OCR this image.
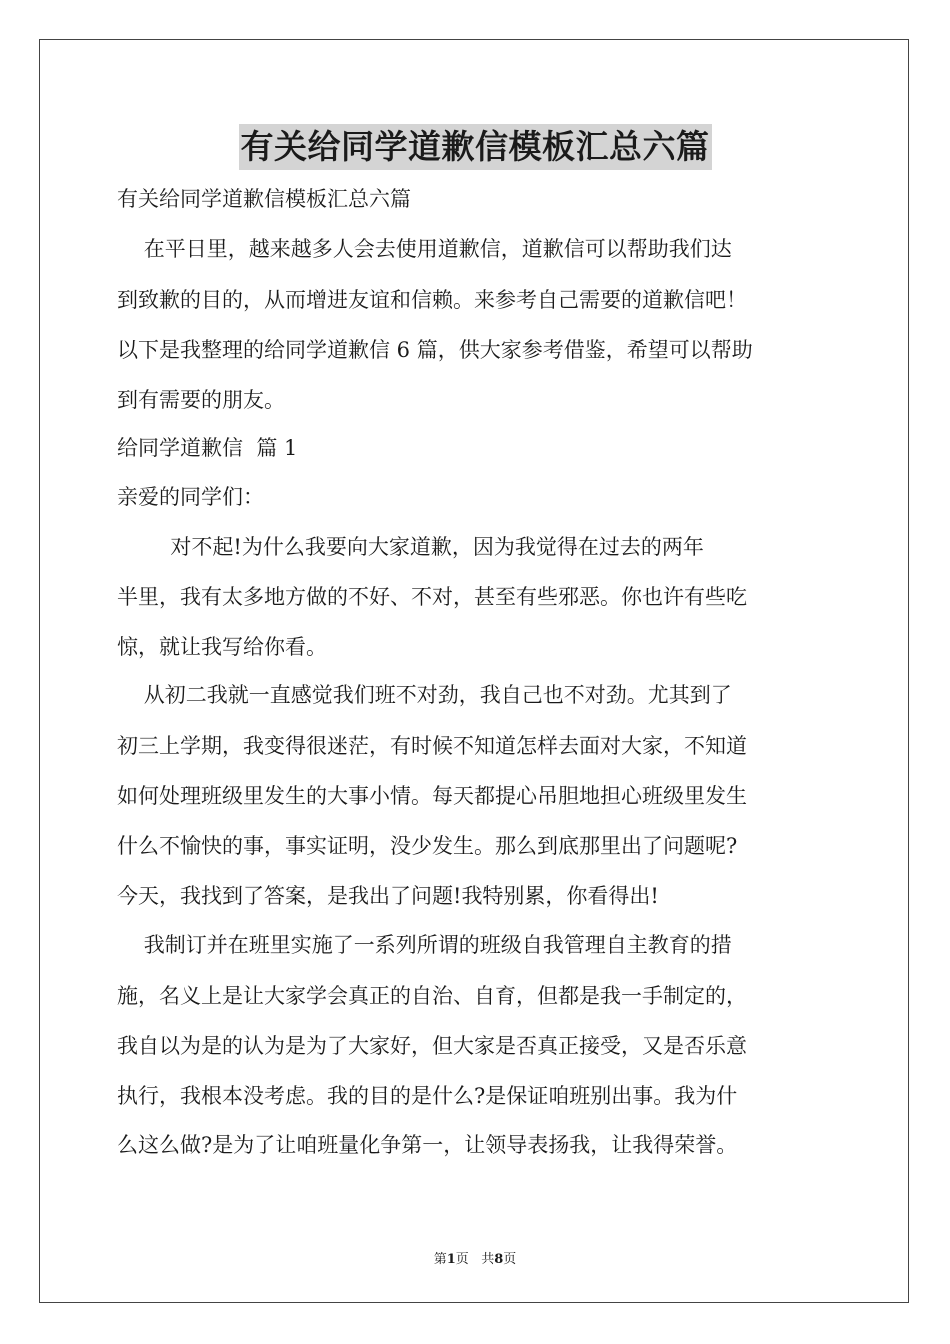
有关给同学道歉信模板汇总六篇
有关给同学道歉信模板汇总六篇
在平日里，越来越多人会去使用道歉信，道歉信可以帮助我们达
到致歉的目的，从而增进友谊和信赖。来参考自己需要的道歉信吧！
以下是我整理的给同学道歉信 6 篇，供大家参考借鉴，希望可以帮助
到有需要的朋友。
给同学道歉信  篇 1
亲爱的同学们：
对不起!为什么我要向大家道歉，因为我觉得在过去的两年
半里，我有太多地方做的不好、不对，甚至有些邪恶。你也许有些吃
惊，就让我写给你看。
从初二我就一直感觉我们班不对劲，我自己也不对劲。尤其到了
初三上学期，我变得很迷茫，有时候不知道怎样去面对大家，不知道
如何处理班级里发生的大事小情。每天都提心吊胆地担心班级里发生
什么不愉快的事，事实证明，没少发生。那么到底那里出了问题呢?
今天，我找到了答案，是我出了问题!我特别累，你看得出!
我制订并在班里实施了一系列所谓的班级自我管理自主教育的措
施，名义上是让大家学会真正的自治、自育，但都是我一手制定的，
我自以为是的认为是为了大家好，但大家是否真正接受，又是否乐意
执行，我根本没考虑。我的目的是什么?是保证咱班别出事。我为什
么这么做?是为了让咱班量化争第一，让领导表扬我，让我得荣誉。
第1页   共8页
